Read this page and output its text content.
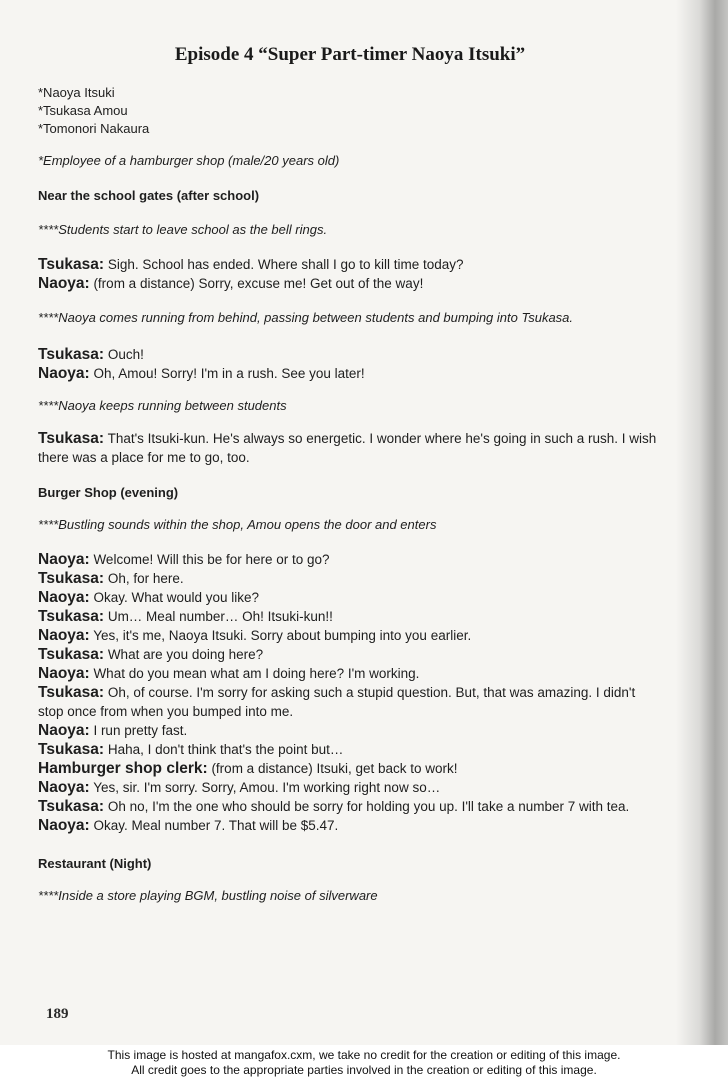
Episode 4 “Super Part-timer Naoya Itsuki”
*Naoya Itsuki
*Tsukasa Amou
*Tomonori Nakaura
*Employee of a hamburger shop (male/20 years old)
Near the school gates (after school)
****Students start to leave school as the bell rings.
Tsukasa: Sigh. School has ended. Where shall I go to kill time today?
Naoya: (from a distance) Sorry, excuse me! Get out of the way!
****Naoya comes running from behind, passing between students and bumping into Tsukasa.
Tsukasa: Ouch!
Naoya: Oh, Amou! Sorry! I'm in a rush. See you later!
****Naoya keeps running between students
Tsukasa: That's Itsuki-kun. He's always so energetic. I wonder where he's going in such a rush. I wish there was a place for me to go, too.
Burger Shop (evening)
****Bustling sounds within the shop, Amou opens the door and enters
Naoya: Welcome! Will this be for here or to go?
Tsukasa: Oh, for here.
Naoya: Okay. What would you like?
Tsukasa: Um… Meal number… Oh! Itsuki-kun!!
Naoya: Yes, it's me, Naoya Itsuki. Sorry about bumping into you earlier.
Tsukasa: What are you doing here?
Naoya: What do you mean what am I doing here? I'm working.
Tsukasa: Oh, of course. I'm sorry for asking such a stupid question. But, that was amazing. I didn't stop once from when you bumped into me.
Naoya: I run pretty fast.
Tsukasa: Haha, I don't think that's the point but…
Hamburger shop clerk: (from a distance) Itsuki, get back to work!
Naoya: Yes, sir. I'm sorry. Sorry, Amou. I'm working right now so…
Tsukasa: Oh no, I'm the one who should be sorry for holding you up. I'll take a number 7 with tea.
Naoya: Okay. Meal number 7. That will be $5.47.
Restaurant (Night)
****Inside a store playing BGM, bustling noise of silverware
189
This image is hosted at mangafox.cxm, we take no credit for the creation or editing of this image.
All credit goes to the appropriate parties involved in the creation or editing of this image.
